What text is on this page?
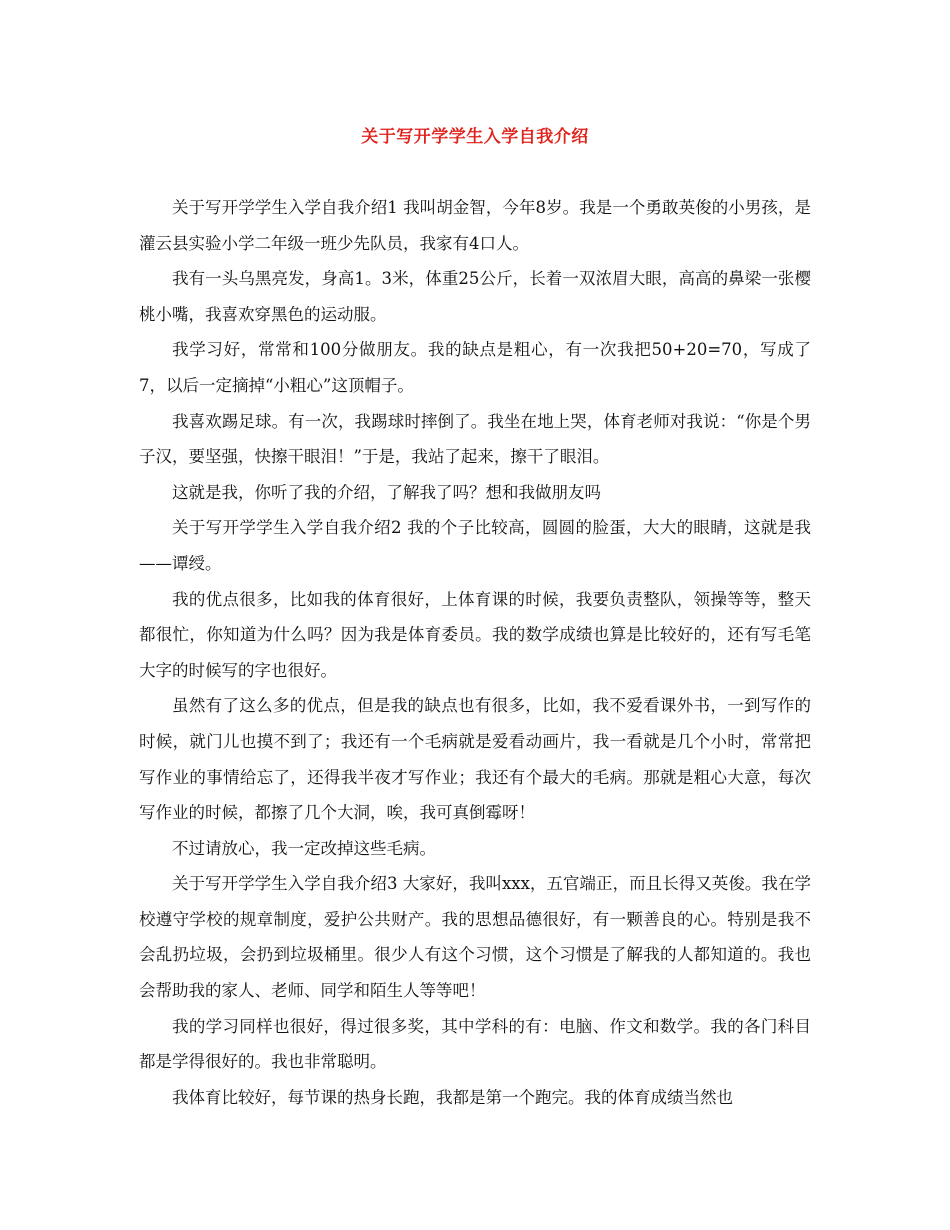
关于写开学学生入学自我介绍

关于写开学学生入学自我介绍1 我叫胡金智，今年8岁。我是一个勇敢英俊的小男孩，是灌云县实验小学二年级一班少先队员，我家有4口人。

我有一头乌黑亮发，身高1。3米，体重25公斤，长着一双浓眉大眼，高高的鼻梁一张樱桃小嘴，我喜欢穿黑色的运动服。

我学习好，常常和100分做朋友。我的缺点是粗心，有一次我把50+20=70，写成了7，以后一定摘掉“小粗心”这顶帽子。

我喜欢踢足球。有一次，我踢球时摔倒了。我坐在地上哭，体育老师对我说：“你是个男子汉，要坚强，快擦干眼泪！”于是，我站了起来，擦干了眼泪。

这就是我，你听了我的介绍，了解我了吗？想和我做朋友吗

关于写开学学生入学自我介绍2 我的个子比较高，圆圆的脸蛋，大大的眼睛，这就是我——谭绶。

我的优点很多，比如我的体育很好，上体育课的时候，我要负责整队，领操等等，整天都很忙，你知道为什么吗？因为我是体育委员。我的数学成绩也算是比较好的，还有写毛笔大字的时候写的字也很好。

虽然有了这么多的优点，但是我的缺点也有很多，比如，我不爱看课外书，一到写作的时候，就门儿也摸不到了；我还有一个毛病就是爱看动画片，我一看就是几个小时，常常把写作业的事情给忘了，还得我半夜才写作业；我还有个最大的毛病。那就是粗心大意，每次写作业的时候，都擦了几个大洞，唉，我可真倒霉呀！

不过请放心，我一定改掉这些毛病。

关于写开学学生入学自我介绍3 大家好，我叫xxx，五官端正，而且长得又英俊。我在学校遵守学校的规章制度，爱护公共财产。我的思想品德很好，有一颗善良的心。特别是我不会乱扔垃圾，会扔到垃圾桶里。很少人有这个习惯，这个习惯是了解我的人都知道的。我也会帮助我的家人、老师、同学和陌生人等等吧！

我的学习同样也很好，得过很多奖，其中学科的有：电脑、作文和数学。我的各门科目都是学得很好的。我也非常聪明。

我体育比较好，每节课的热身长跑，我都是第一个跑完。我的体育成绩当然也
